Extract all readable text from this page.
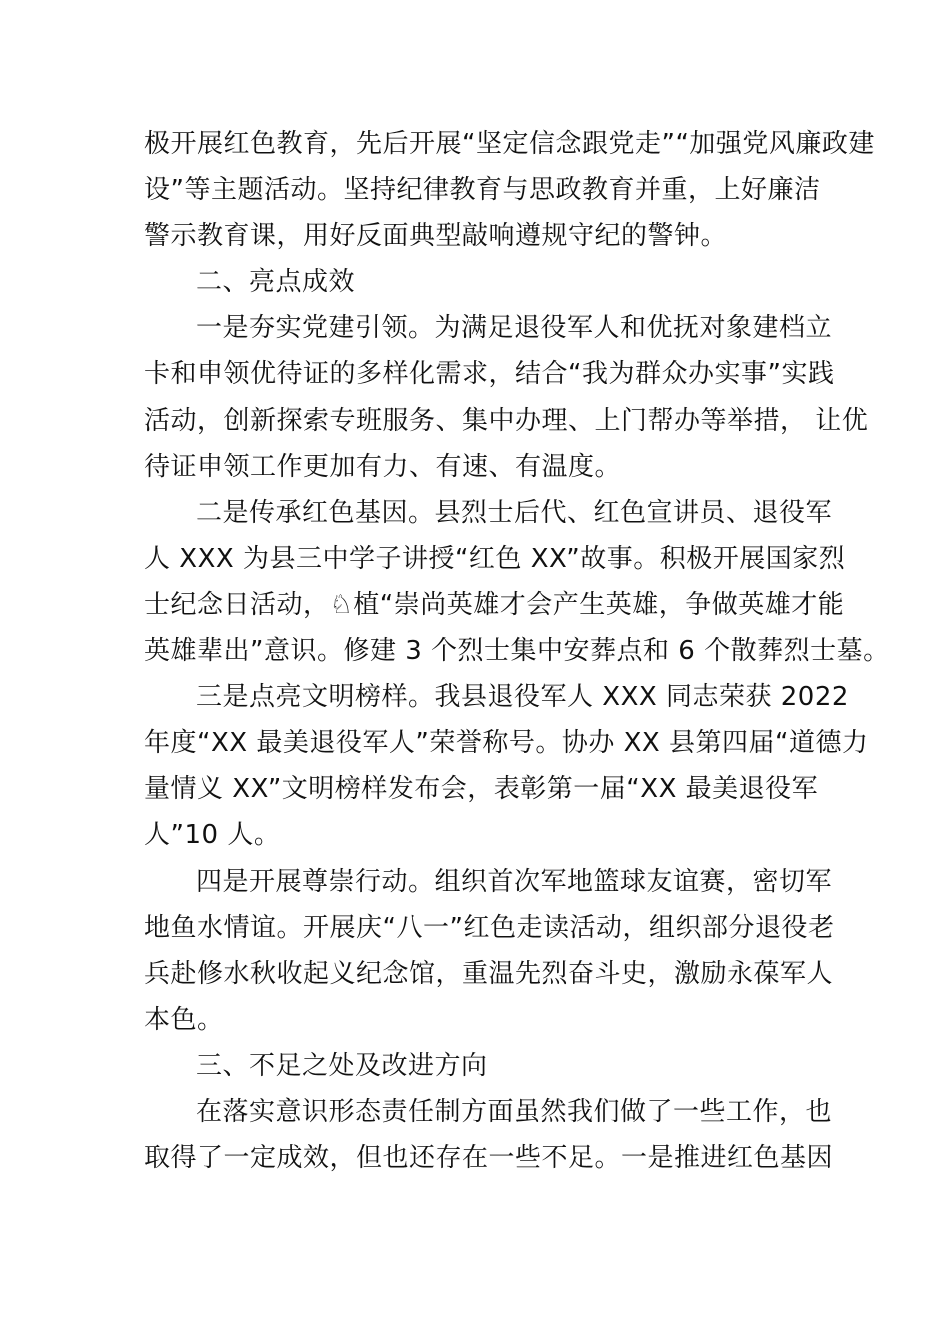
极开展红色教育，先后开展“坚定信念跟党走”“加强党风廉政建
设”等主题活动。坚持纪律教育与思政教育并重，上好廉洁
警示教育课，用好反面典型敲响遵规守纪的警钟。
二、亮点成效
一是夯实党建引领。为满足退役军人和优抚对象建档立
卡和申领优待证的多样化需求，结合“我为群众办实事”实践
活动，创新探索专班服务、集中办理、上门帮办等举措， 让优
待证申领工作更加有力、有速、有温度。
二是传承红色基因。县烈士后代、红色宣讲员、退役军
人 XXX 为县三中学子讲授“红色 XX”故事。积极开展国家烈
士纪念日活动，♘植“崇尚英雄才会产生英雄，争做英雄才能
英雄辈出”意识。修建 3 个烈士集中安葬点和 6 个散葬烈士墓。
三是点亮文明榜样。我县退役军人 XXX 同志荣获 2022
年度“XX 最美退役军人”荣誉称号。协办 XX 县第四届“道德力
量情义 XX”文明榜样发布会，表彰第一届“XX 最美退役军
人”10 人。
四是开展尊崇行动。组织首次军地篮球友谊赛，密切军
地鱼水情谊。开展庆“八一”红色走读活动，组织部分退役老
兵赴修水秋收起义纪念馆，重温先烈奋斗史，激励永葆军人
本色。
三、不足之处及改进方向
在落实意识形态责任制方面虽然我们做了一些工作，也
取得了一定成效，但也还存在一些不足。一是推进红色基因
